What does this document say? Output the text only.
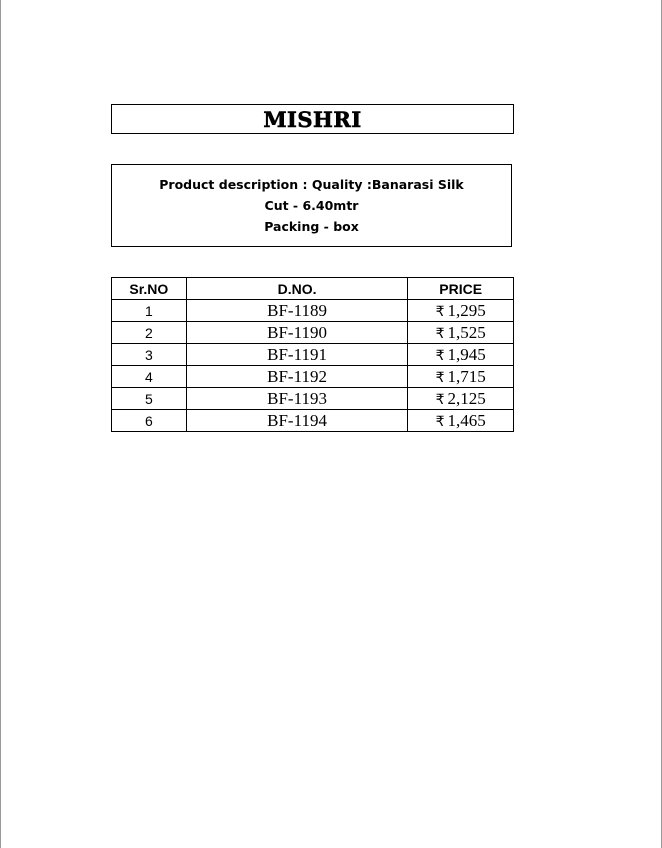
MISHRI
Product description : Quality :Banarasi Silk
Cut - 6.40mtr
Packing - box
Sr.NO	D.NO.	PRICE
1	BF-1189	₹ 1,295
2	BF-1190	₹ 1,525
3	BF-1191	₹ 1,945
4	BF-1192	₹ 1,715
5	BF-1193	₹ 2,125
6	BF-1194	₹ 1,465
